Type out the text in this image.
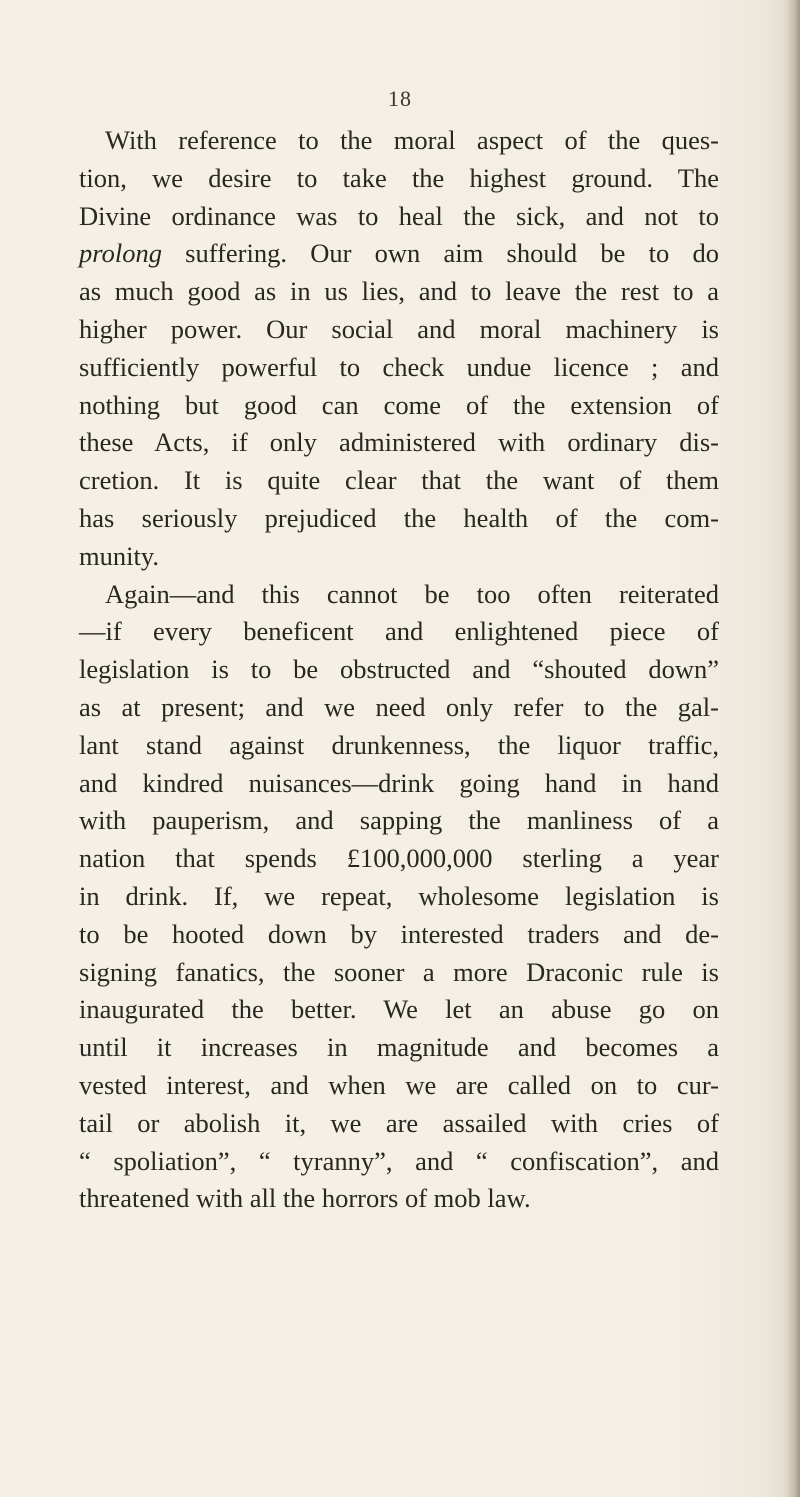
18

With reference to the moral aspect of the ques-
tion, we desire to take the highest ground. The
Divine ordinance was to heal the sick, and not to
prolong suffering. Our own aim should be to do
as much good as in us lies, and to leave the rest to a
higher power. Our social and moral machinery is
sufficiently powerful to check undue licence ; and
nothing but good can come of the extension of
these Acts, if only administered with ordinary dis-
cretion. It is quite clear that the want of them
has seriously prejudiced the health of the com-
munity.

Again—and this cannot be too often reiterated
—if every beneficent and enlightened piece of
legislation is to be obstructed and “shouted down”
as at present; and we need only refer to the gal-
lant stand against drunkenness, the liquor traffic,
and kindred nuisances—drink going hand in hand
with pauperism, and sapping the manliness of a
nation that spends £100,000,000 sterling a year
in drink. If, we repeat, wholesome legislation is
to be hooted down by interested traders and de-
signing fanatics, the sooner a more Draconic rule is
inaugurated the better. We let an abuse go on
until it increases in magnitude and becomes a
vested interest, and when we are called on to cur-
tail or abolish it, we are assailed with cries of
“ spoliation”, “ tyranny”, and “ confiscation”, and
threatened with all the horrors of mob law.
